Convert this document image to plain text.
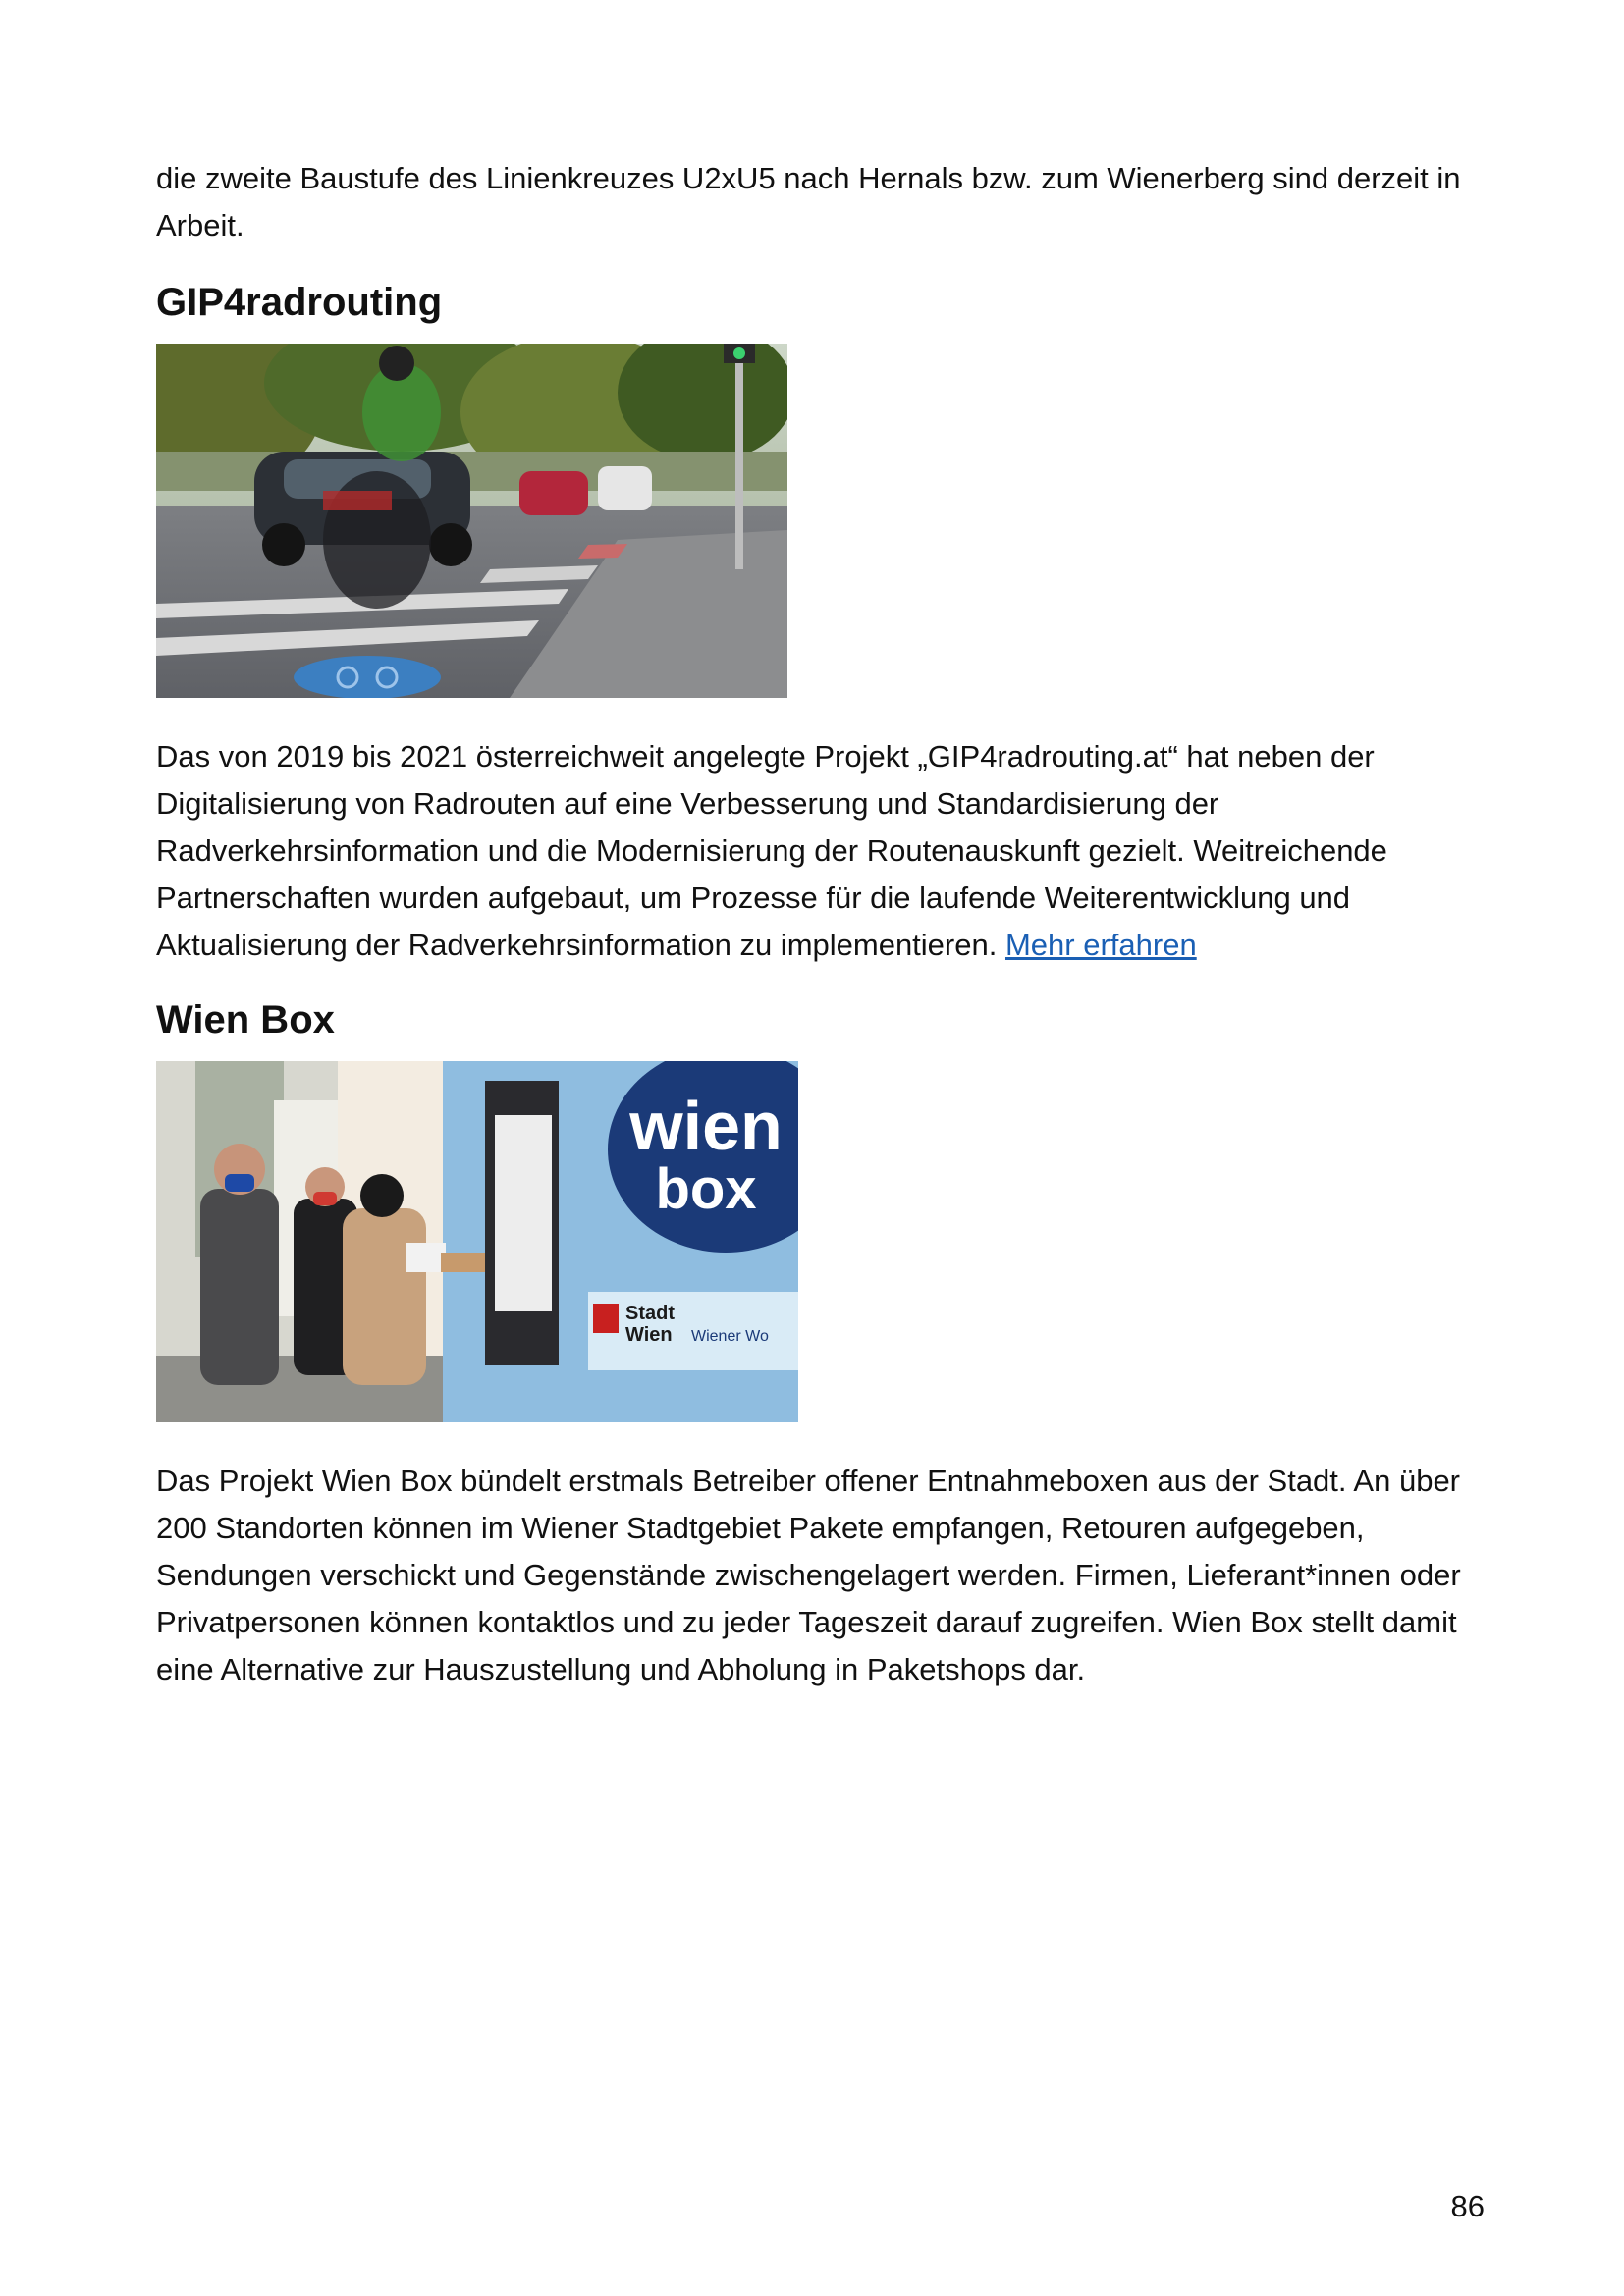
die zweite Baustufe des Linienkreuzes U2xU5 nach Hernals bzw. zum Wienerberg sind derzeit in Arbeit.

GIP4radrouting

Das von 2019 bis 2021 österreichweit angelegte Projekt „GIP4radrouting.at“ hat neben der Digitalisierung von Radrouten auf eine Verbesserung und Standardisierung der Radverkehrsinformation und die Modernisierung der Routenauskunft gezielt. Weitreichende Partnerschaften wurden aufgebaut, um Prozesse für die laufende Weiterentwicklung und Aktualisierung der Radverkehrsinformation zu implementieren. Mehr erfahren

Wien Box
wien
box
Stadt
Wien Wiener Wo

Das Projekt Wien Box bündelt erstmals Betreiber offener Entnahmeboxen aus der Stadt. An über 200 Standorten können im Wiener Stadtgebiet Pakete empfangen, Retouren aufgegeben, Sendungen verschickt und Gegenstände zwischengelagert werden. Firmen, Lieferant*innen oder Privatpersonen können kontaktlos und zu jeder Tageszeit darauf zugreifen. Wien Box stellt damit eine Alternative zur Hauszustellung und Abholung in Paketshops dar.

86
